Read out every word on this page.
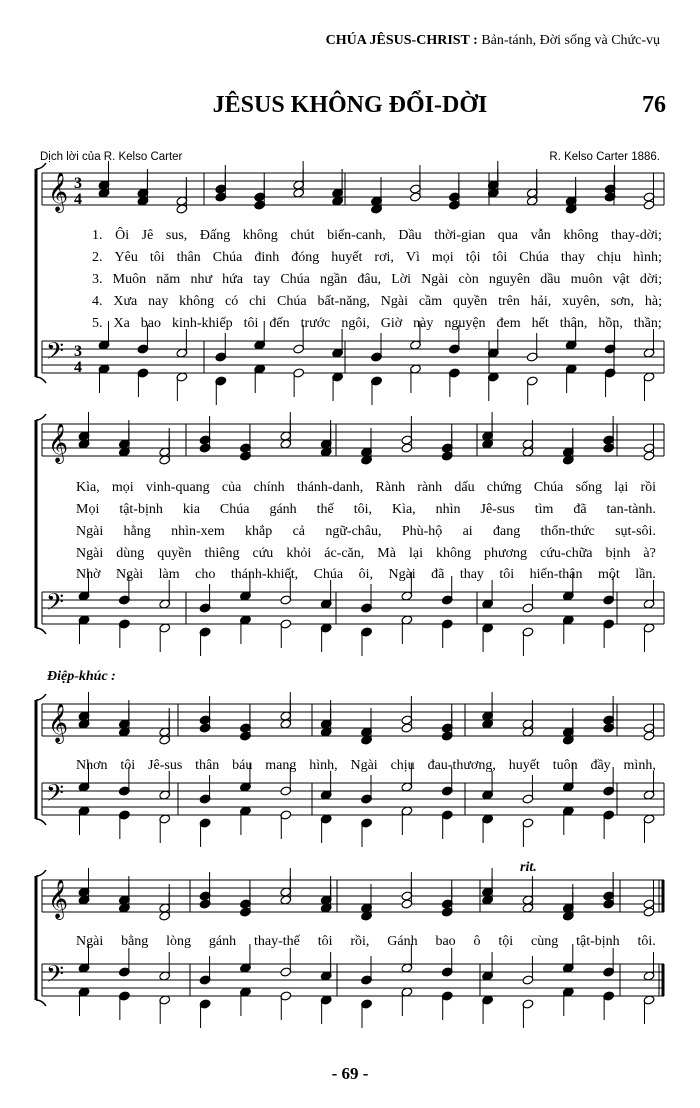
CHÚA JÊSUS-CHRIST : Bản-tánh, Đời sống và Chức-vụ
JÊSUS KHÔNG ĐỔI-DỜI	76
Dịch lời của R. Kelso Carter	R. Kelso Carter 1886.
𝄞
𝄢
3
4
3
4
𝄞
𝄢
𝄞
𝄢
𝄞
𝄢
1. Ôi Jê sus, Đấng không chút biến-canh, Dầu thời-gian qua vẫn không thay-dời;
2. Yêu tôi thân Chúa đinh đóng huyết rơi, Vì mọi tội tôi Chúa thay chịu hình;
3. Muôn năm như hứa tay Chúa ngần đâu, Lời Ngài còn nguyên dầu muôn vật dời;
4. Xưa nay không có chi Chúa bất-năng, Ngài cầm quyền trên hải, xuyên, sơn, hà;
5. Xa bao kinh-khiếp tôi đến trước ngôi, Giờ này nguyện đem hết thân, hồn, thần;
Kìa, mọi vinh-quang của chính thánh-danh, Rành rành dấu chứng Chúa sống lại rồi
Mọi tật-bịnh kia Chúa gánh thế tôi, Kìa, nhìn Jê-sus tìm đã tan-tành.
Ngài hằng nhìn-xem khắp cả ngữ-châu, Phù-hộ ai đang thổn-thức sụt-sôi.
Ngài dùng quyền thiêng cứu khỏi ác-căn, Mà lại không phương cứu-chữa bịnh à?
Nhờ Ngài làm cho thánh-khiết, Chúa ôi, Ngài đã thay tôi hiến-thân một lần.
Điệp-khúc :
Nhơn tôi Jê-sus thân báu mang hình, Ngài chịu đau-thương, huyết tuôn đầy mình,
rit.
Ngài bằng lòng gánh thay-thế tôi rồi, Gánh bao ô tội cùng tật-bịnh tôi.
- 69 -
